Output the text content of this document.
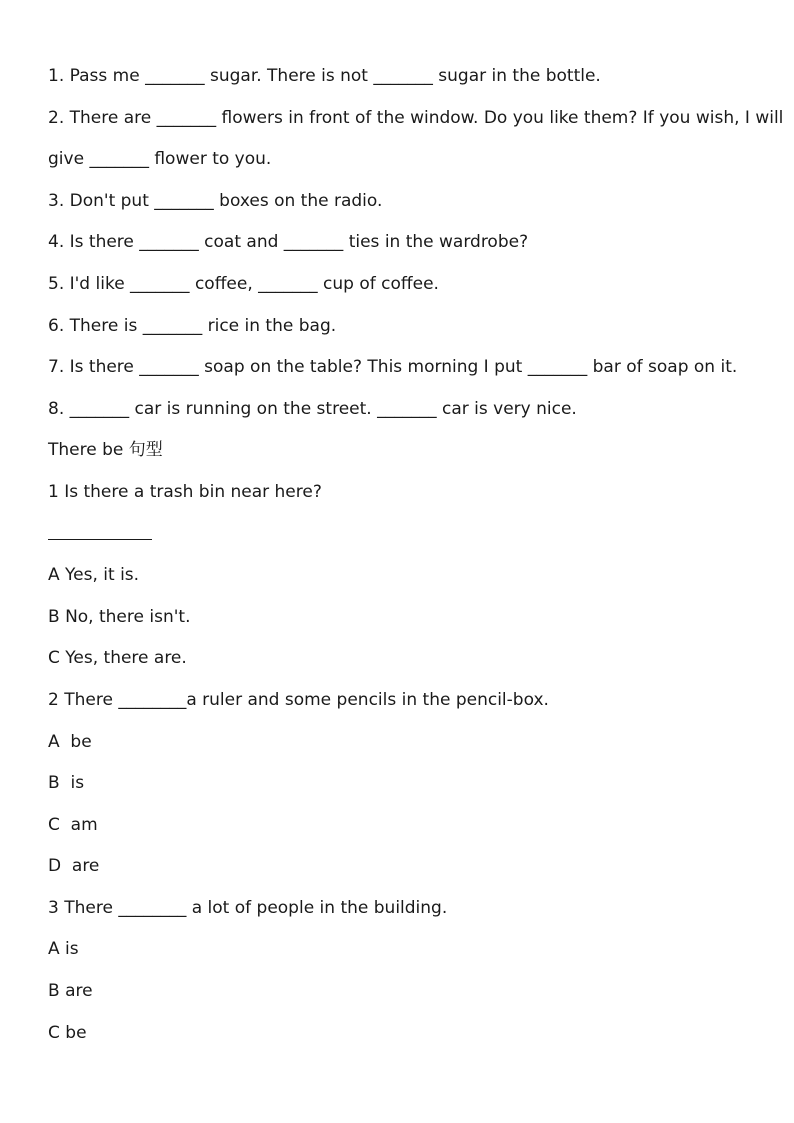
1. Pass me _______ sugar. There is not _______ sugar in the bottle.

2. There are _______ flowers in front of the window. Do you like them? If you wish, I will

give _______ flower to you.

3. Don't put _______ boxes on the radio.

4. Is there _______ coat and _______ ties in the wardrobe?

5. I'd like _______ coffee, _______ cup of coffee.

6. There is _______ rice in the bag.

7. Is there _______ soap on the table? This morning I put _______ bar of soap on it.

8. _______ car is running on the street. _______ car is very nice.

There be 句型

1 Is there a trash bin near here?

A Yes, it is.

B No, there isn't.

C Yes, there are.

2 There ________a ruler and some pencils in the pencil-box.

A  be

B  is

C  am

D  are

3 There ________ a lot of people in the building.

A is

B are

C be
